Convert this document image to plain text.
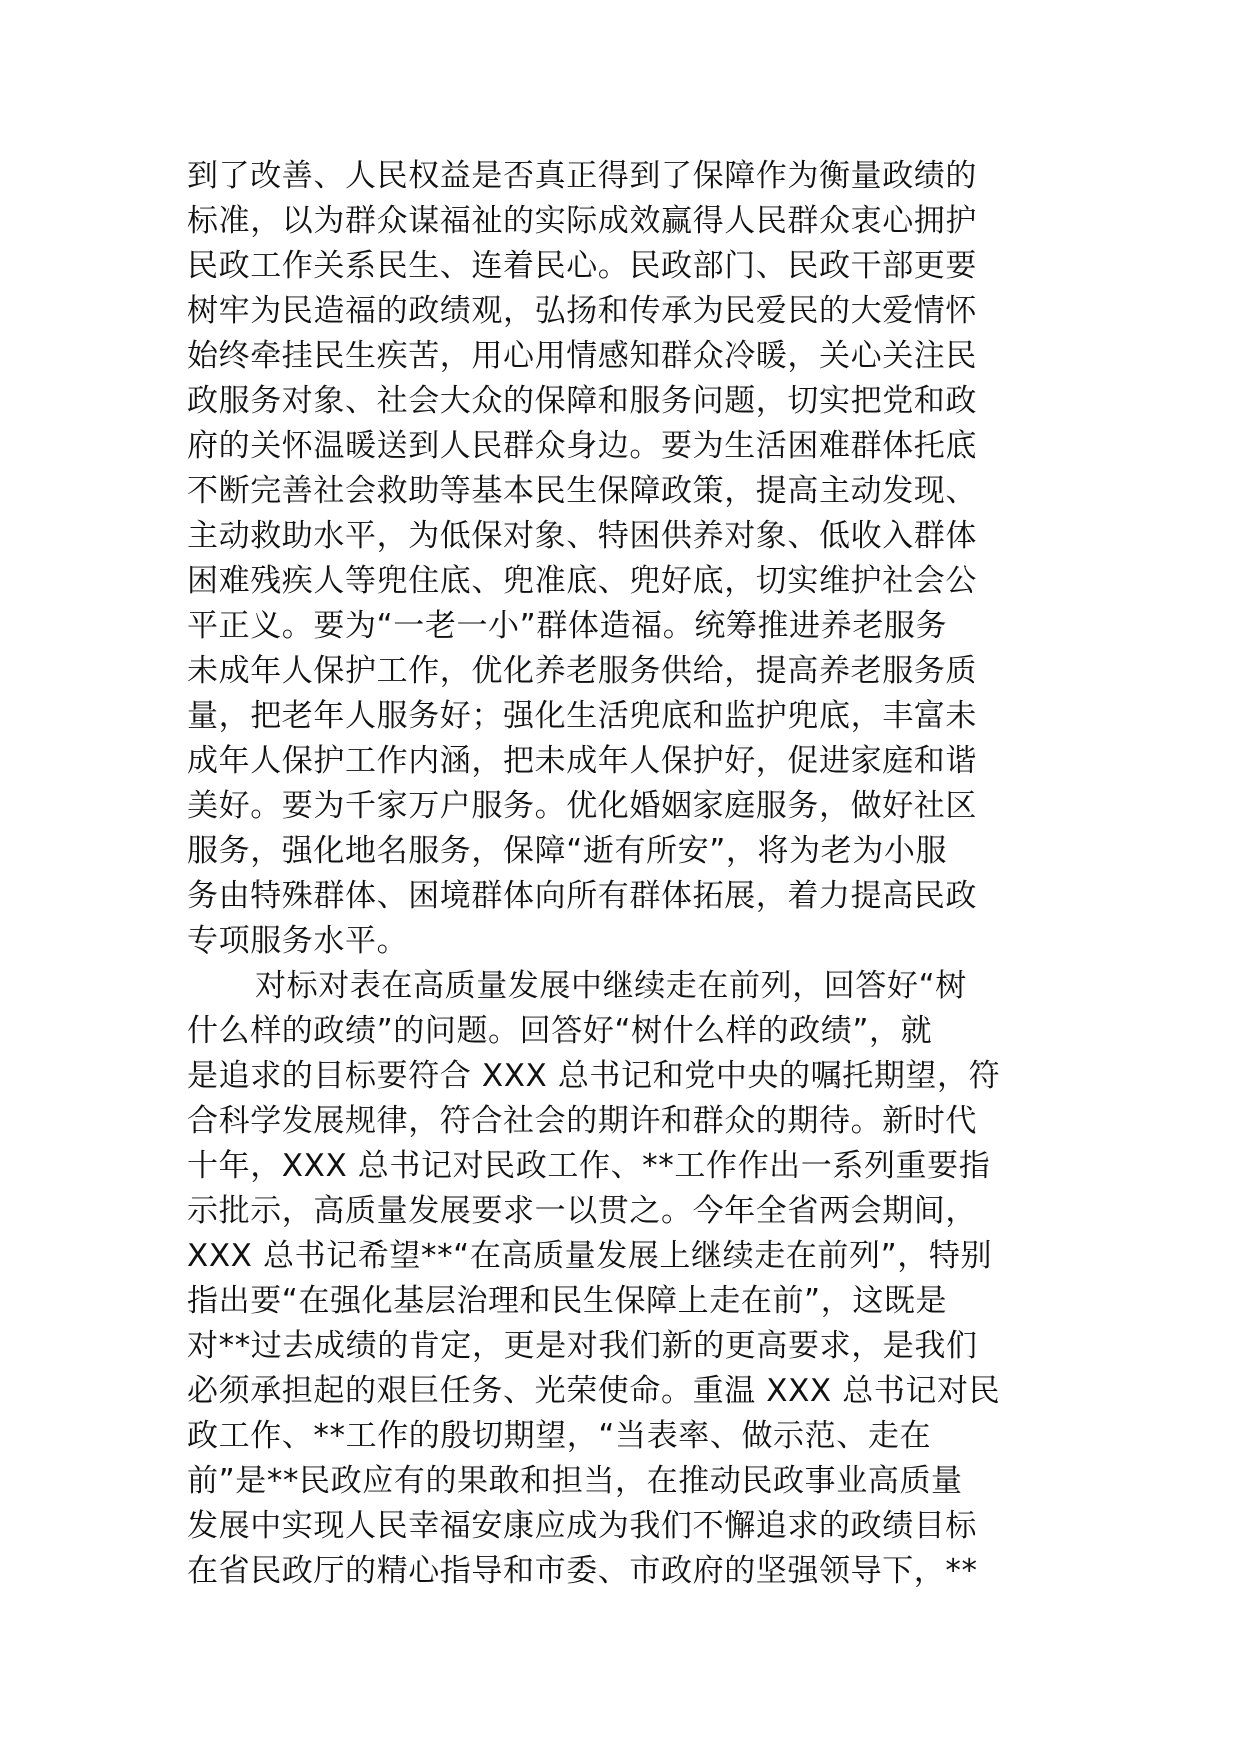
到了改善、人民权益是否真正得到了保障作为衡量政绩的
标准，以为群众谋福祉的实际成效赢得人民群众衷心拥护
民政工作关系民生、连着民心。民政部门、民政干部更要
树牢为民造福的政绩观，弘扬和传承为民爱民的大爱情怀
始终牵挂民生疾苦，用心用情感知群众冷暖，关心关注民
政服务对象、社会大众的保障和服务问题，切实把党和政
府的关怀温暖送到人民群众身边。要为生活困难群体托底
不断完善社会救助等基本民生保障政策，提高主动发现、
主动救助水平，为低保对象、特困供养对象、低收入群体
困难残疾人等兜住底、兜准底、兜好底，切实维护社会公
平正义。要为“一老一小”群体造福。统筹推进养老服务
未成年人保护工作，优化养老服务供给，提高养老服务质
量，把老年人服务好；强化生活兜底和监护兜底，丰富未
成年人保护工作内涵，把未成年人保护好，促进家庭和谐
美好。要为千家万户服务。优化婚姻家庭服务，做好社区
服务，强化地名服务，保障“逝有所安”，将为老为小服
务由特殊群体、困境群体向所有群体拓展，着力提高民政
专项服务水平。
对标对表在高质量发展中继续走在前列，回答好“树
什么样的政绩”的问题。回答好“树什么样的政绩”，就
是追求的目标要符合 XXX 总书记和党中央的嘱托期望，符
合科学发展规律，符合社会的期许和群众的期待。新时代
十年，XXX 总书记对民政工作、**工作作出一系列重要指
示批示，高质量发展要求一以贯之。今年全省两会期间，
XXX 总书记希望**“在高质量发展上继续走在前列”，特别
指出要“在强化基层治理和民生保障上走在前”，这既是
对**过去成绩的肯定，更是对我们新的更高要求，是我们
必须承担起的艰巨任务、光荣使命。重温 XXX 总书记对民
政工作、**工作的殷切期望，“当表率、做示范、走在
前”是**民政应有的果敢和担当，在推动民政事业高质量
发展中实现人民幸福安康应成为我们不懈追求的政绩目标
在省民政厅的精心指导和市委、市政府的坚强领导下，**
